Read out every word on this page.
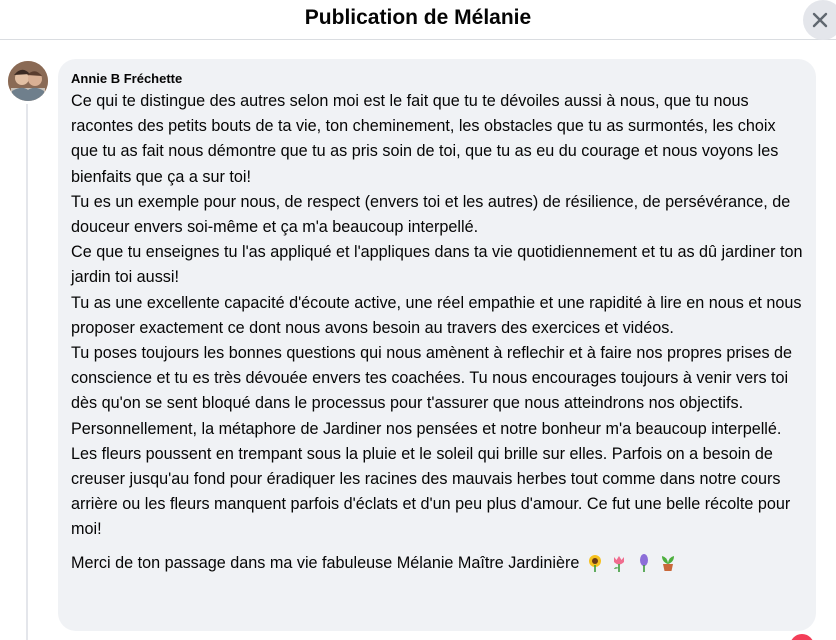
Publication de Mélanie
Annie B Fréchette

Ce qui te distingue des autres selon moi est le fait que tu te dévoiles aussi à nous, que tu nous racontes des petits bouts de ta vie, ton cheminement, les obstacles que tu as surmontés, les choix que tu as fait nous démontre que tu as pris soin de toi, que tu as eu du courage et nous voyons les bienfaits que ça a sur toi!

Tu es un exemple pour nous, de respect (envers toi et les autres) de résilience, de persévérance, de douceur envers soi-même et ça m'a beaucoup interpellé.

Ce que tu enseignes tu l'as appliqué et l'appliques dans ta vie quotidiennement et tu as dû jardiner ton jardin toi aussi!

Tu as une excellente capacité d'écoute active, une réel empathie et une rapidité à lire en nous et nous proposer exactement ce dont nous avons besoin au travers des exercices et vidéos.

Tu poses toujours les bonnes questions qui nous amènent à reflechir et à faire nos propres prises de conscience et tu es très dévouée envers tes coachées. Tu nous encourages toujours à venir vers toi dès qu'on se sent bloqué dans le processus pour t'assurer que nous atteindrons nos objectifs.

Personnellement, la métaphore de Jardiner nos pensées et notre bonheur m'a beaucoup interpellé. Les fleurs poussent en trempant sous la pluie et le soleil qui brille sur elles. Parfois on a besoin de creuser jusqu'au fond pour éradiquer les racines des mauvais herbes tout comme dans notre cours arrière ou les fleurs manquent parfois d'éclats et d'un peu plus d'amour. Ce fut une belle récolte pour moi!

Merci de ton passage dans ma vie fabuleuse Mélanie Maître Jardinière
